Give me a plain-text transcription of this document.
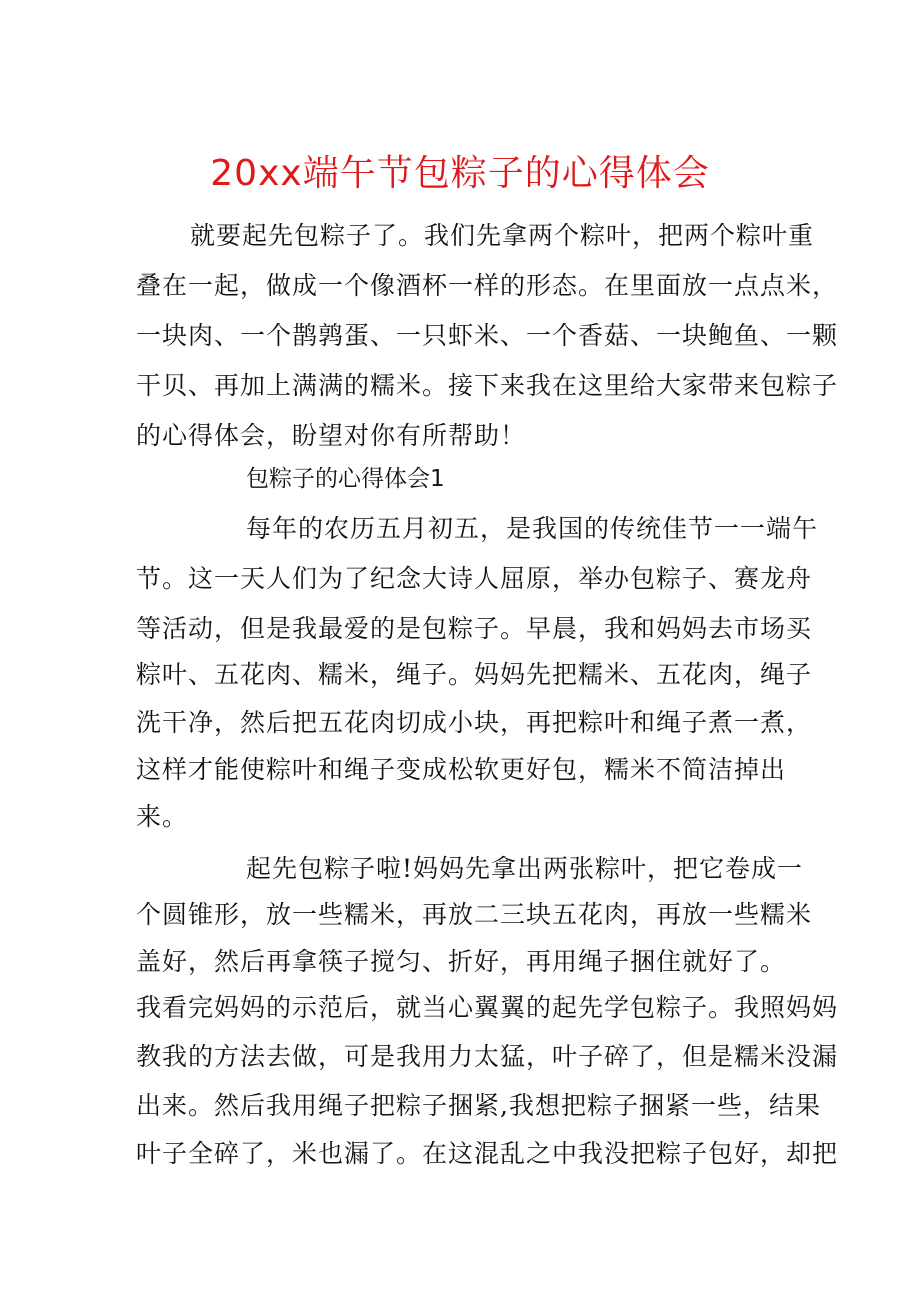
20xx端午节包粽子的心得体会
就要起先包粽子了。我们先拿两个粽叶，把两个粽叶重
叠在一起，做成一个像酒杯一样的形态。在里面放一点点米，
一块肉、一个鹊鹑蛋、一只虾米、一个香菇、一块鲍鱼、一颗
干贝、再加上满满的糯米。接下来我在这里给大家带来包粽子
的心得体会，盼望对你有所帮助！
包粽子的心得体会1
每年的农历五月初五，是我国的传统佳节一一端午
节。这一天人们为了纪念大诗人屈原，举办包粽子、赛龙舟
等活动，但是我最爱的是包粽子。早晨，我和妈妈去市场买
粽叶、五花肉、糯米，绳子。妈妈先把糯米、五花肉，绳子
洗干净，然后把五花肉切成小块，再把粽叶和绳子煮一煮，
这样才能使粽叶和绳子变成松软更好包，糯米不简洁掉出
来。
起先包粽子啦!妈妈先拿出两张粽叶，把它卷成一
个圆锥形，放一些糯米，再放二三块五花肉，再放一些糯米
盖好，然后再拿筷子搅匀、折好，再用绳子捆住就好了。
我看完妈妈的示范后，就当心翼翼的起先学包粽子。我照妈妈
教我的方法去做，可是我用力太猛，叶子碎了，但是糯米没漏
出来。然后我用绳子把粽子捆紧,我想把粽子捆紧一些，结果
叶子全碎了，米也漏了。在这混乱之中我没把粽子包好，却把
